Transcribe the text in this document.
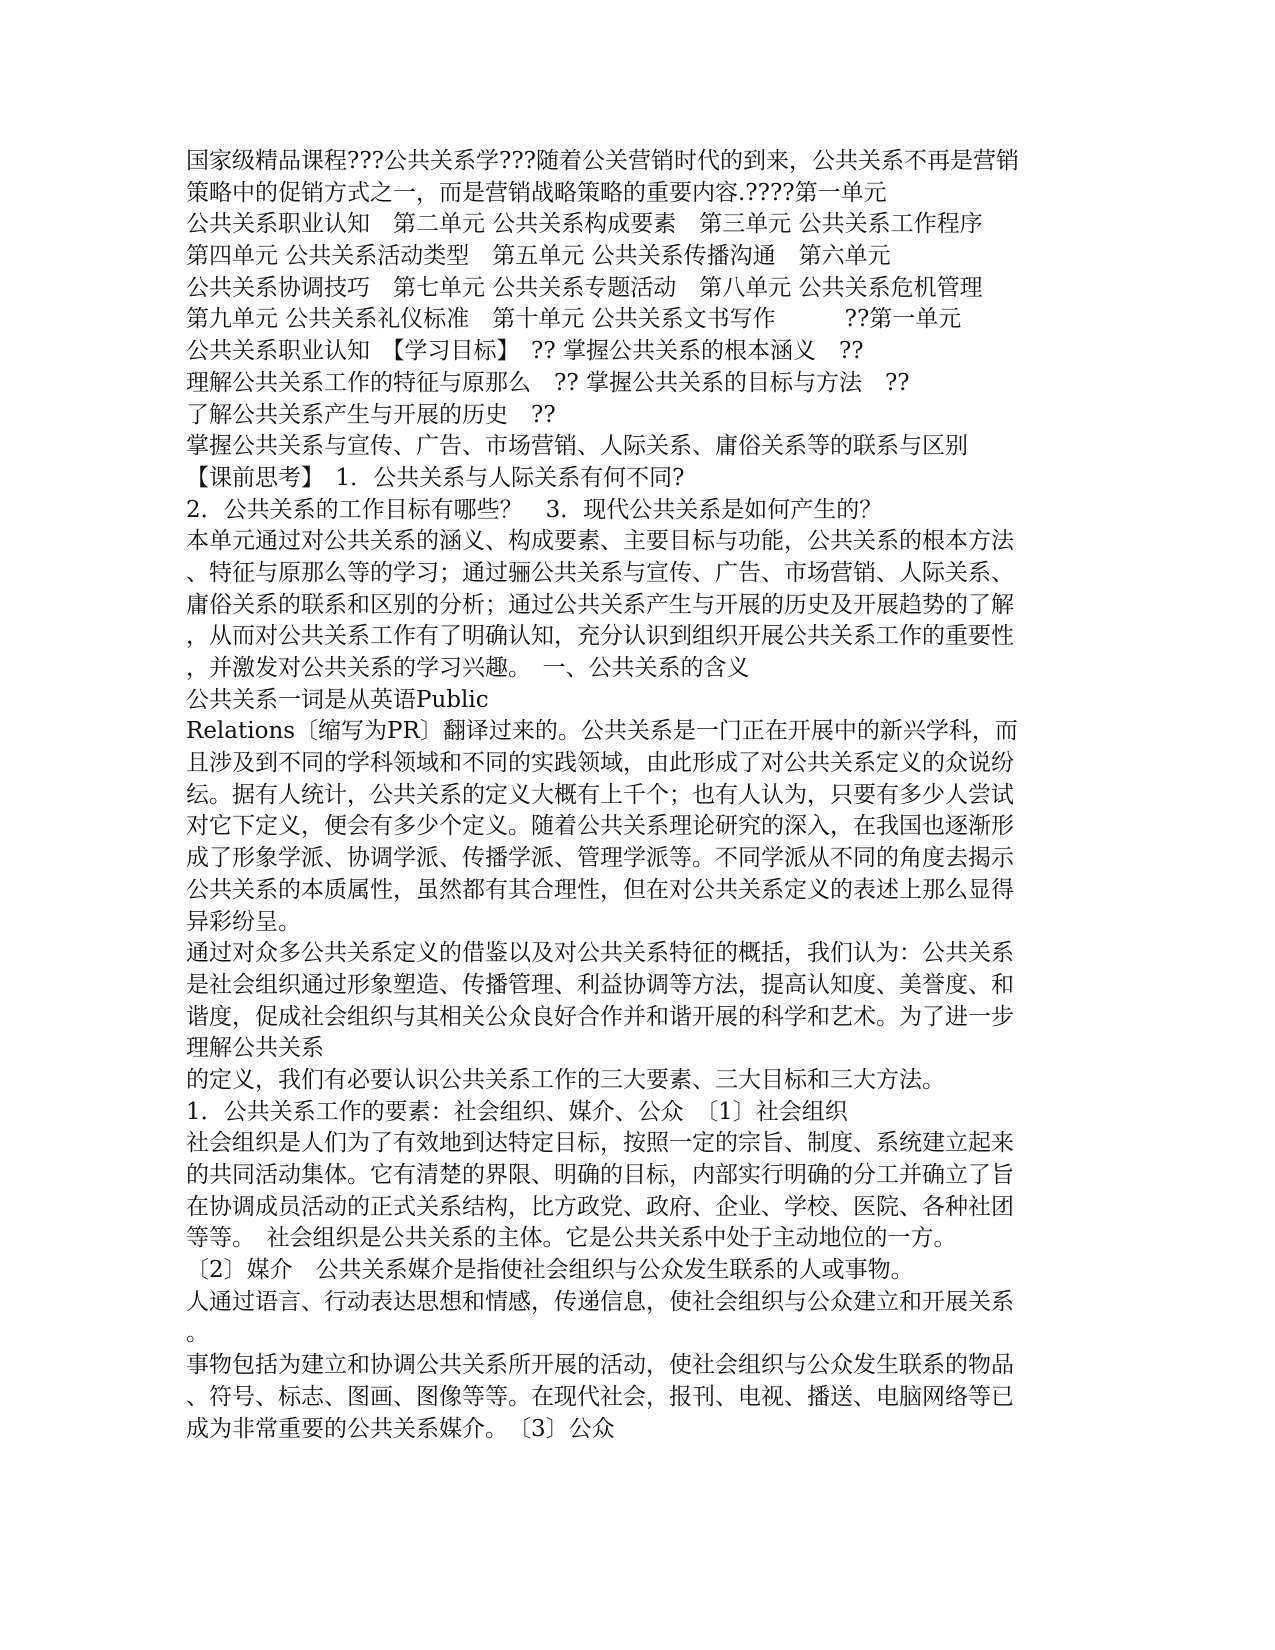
国家级精品课程???公共关系学???随着公关营销时代的到来，公共关系不再是营销
策略中的促销方式之一，而是营销战略策略的重要内容.????第一单元
公共关系职业认知　第二单元 公共关系构成要素　第三单元 公共关系工作程序
第四单元 公共关系活动类型　第五单元 公共关系传播沟通　第六单元
公共关系协调技巧　第七单元 公共关系专题活动　第八单元 公共关系危机管理
第九单元 公共关系礼仪标准　第十单元 公共关系文书写作　　　??第一单元
公共关系职业认知　【学习目标】　?? 掌握公共关系的根本涵义　??
理解公共关系工作的特征与原那么　?? 掌握公共关系的目标与方法　??
了解公共关系产生与开展的历史　??
掌握公共关系与宣传、广告、市场营销、人际关系、庸俗关系等的联系与区别
【课前思考】　1．公共关系与人际关系有何不同?
2．公共关系的工作目标有哪些？　3．现代公共关系是如何产生的？
本单元通过对公共关系的涵义、构成要素、主要目标与功能，公共关系的根本方法
、特征与原那么等的学习；通过骊公共关系与宣传、广告、市场营销、人际关系、
庸俗关系的联系和区别的分析；通过公共关系产生与开展的历史及开展趋势的了解
，从而对公共关系工作有了明确认知，充分认识到组织开展公共关系工作的重要性
，并激发对公共关系的学习兴趣。　一、公共关系的含义
公共关系一词是从英语Public
Relations〔缩写为PR〕翻译过来的。公共关系是一门正在开展中的新兴学科，而
且涉及到不同的学科领域和不同的实践领域，由此形成了对公共关系定义的众说纷
纭。据有人统计，公共关系的定义大概有上千个；也有人认为，只要有多少人尝试
对它下定义，便会有多少个定义。随着公共关系理论研究的深入，在我国也逐渐形
成了形象学派、协调学派、传播学派、管理学派等。不同学派从不同的角度去揭示
公共关系的本质属性，虽然都有其合理性，但在对公共关系定义的表述上那么显得
异彩纷呈。
通过对众多公共关系定义的借鉴以及对公共关系特征的概括，我们认为：公共关系
是社会组织通过形象塑造、传播管理、利益协调等方法，提高认知度、美誉度、和
谐度，促成社会组织与其相关公众良好合作并和谐开展的科学和艺术。为了进一步
理解公共关系
的定义，我们有必要认识公共关系工作的三大要素、三大目标和三大方法。
1．公共关系工作的要素：社会组织、媒介、公众　〔1〕社会组织
社会组织是人们为了有效地到达特定目标，按照一定的宗旨、制度、系统建立起来
的共同活动集体。它有清楚的界限、明确的目标，内部实行明确的分工并确立了旨
在协调成员活动的正式关系结构，比方政党、政府、企业、学校、医院、各种社团
等等。　社会组织是公共关系的主体。它是公共关系中处于主动地位的一方。
〔2〕媒介　公共关系媒介是指使社会组织与公众发生联系的人或事物。
人通过语言、行动表达思想和情感，传递信息，使社会组织与公众建立和开展关系
。
事物包括为建立和协调公共关系所开展的活动，使社会组织与公众发生联系的物品
、符号、标志、图画、图像等等。在现代社会，报刊、电视、播送、电脑网络等已
成为非常重要的公共关系媒介。　〔3〕公众
